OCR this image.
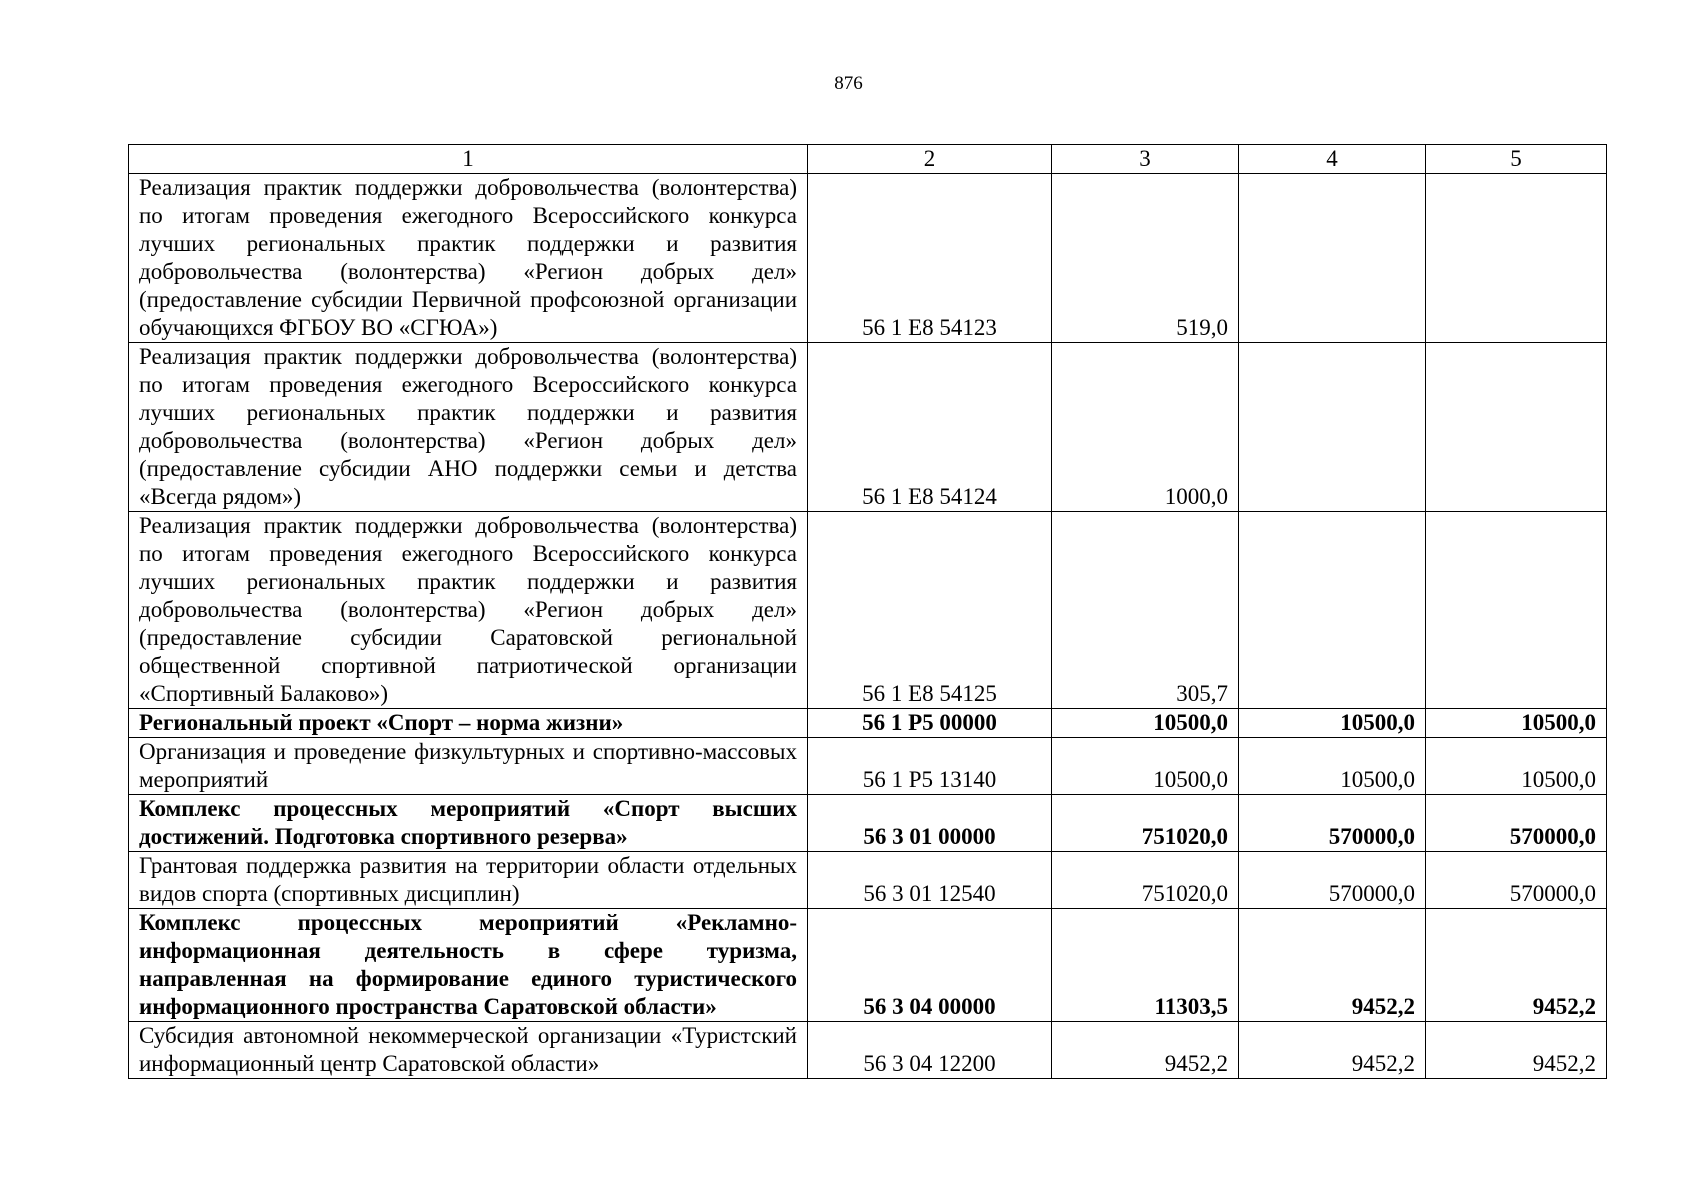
876
1	2	3	4	5
Реализация практик поддержки добровольчества (волонтерства) по итогам проведения ежегодного Всероссийского конкурса лучших региональных практик поддержки и развития добровольчества (волонтерства) «Регион добрых дел» (предоставление субсидии Первичной профсоюзной организации обучающихся ФГБОУ ВО «СГЮА»)	56 1 E8 54123	519,0		
Реализация практик поддержки добровольчества (волонтерства) по итогам проведения ежегодного Всероссийского конкурса лучших региональных практик поддержки и развития добровольчества (волонтерства) «Регион добрых дел» (предоставление субсидии АНО поддержки семьи и детства «Всегда рядом»)	56 1 E8 54124	1000,0		
Реализация практик поддержки добровольчества (волонтерства) по итогам проведения ежегодного Всероссийского конкурса лучших региональных практик поддержки и развития добровольчества (волонтерства) «Регион добрых дел» (предоставление субсидии Саратовской региональной общественной спортивной патриотической организации «Спортивный Балаково»)	56 1 E8 54125	305,7		
Региональный проект «Спорт – норма жизни»	56 1 P5 00000	10500,0	10500,0	10500,0
Организация и проведение физкультурных и спортивно-массовых мероприятий	56 1 P5 13140	10500,0	10500,0	10500,0
Комплекс процессных мероприятий «Спорт высших достижений. Подготовка спортивного резерва»	56 3 01 00000	751020,0	570000,0	570000,0
Грантовая поддержка развития на территории области отдельных видов спорта (спортивных дисциплин)	56 3 01 12540	751020,0	570000,0	570000,0
Комплекс процессных мероприятий «Рекламно-информационная деятельность в сфере туризма, направленная на формирование единого туристического информационного пространства Саратовской области»	56 3 04 00000	11303,5	9452,2	9452,2
Субсидия автономной некоммерческой организации «Туристский информационный центр Саратовской области»	56 3 04 12200	9452,2	9452,2	9452,2
